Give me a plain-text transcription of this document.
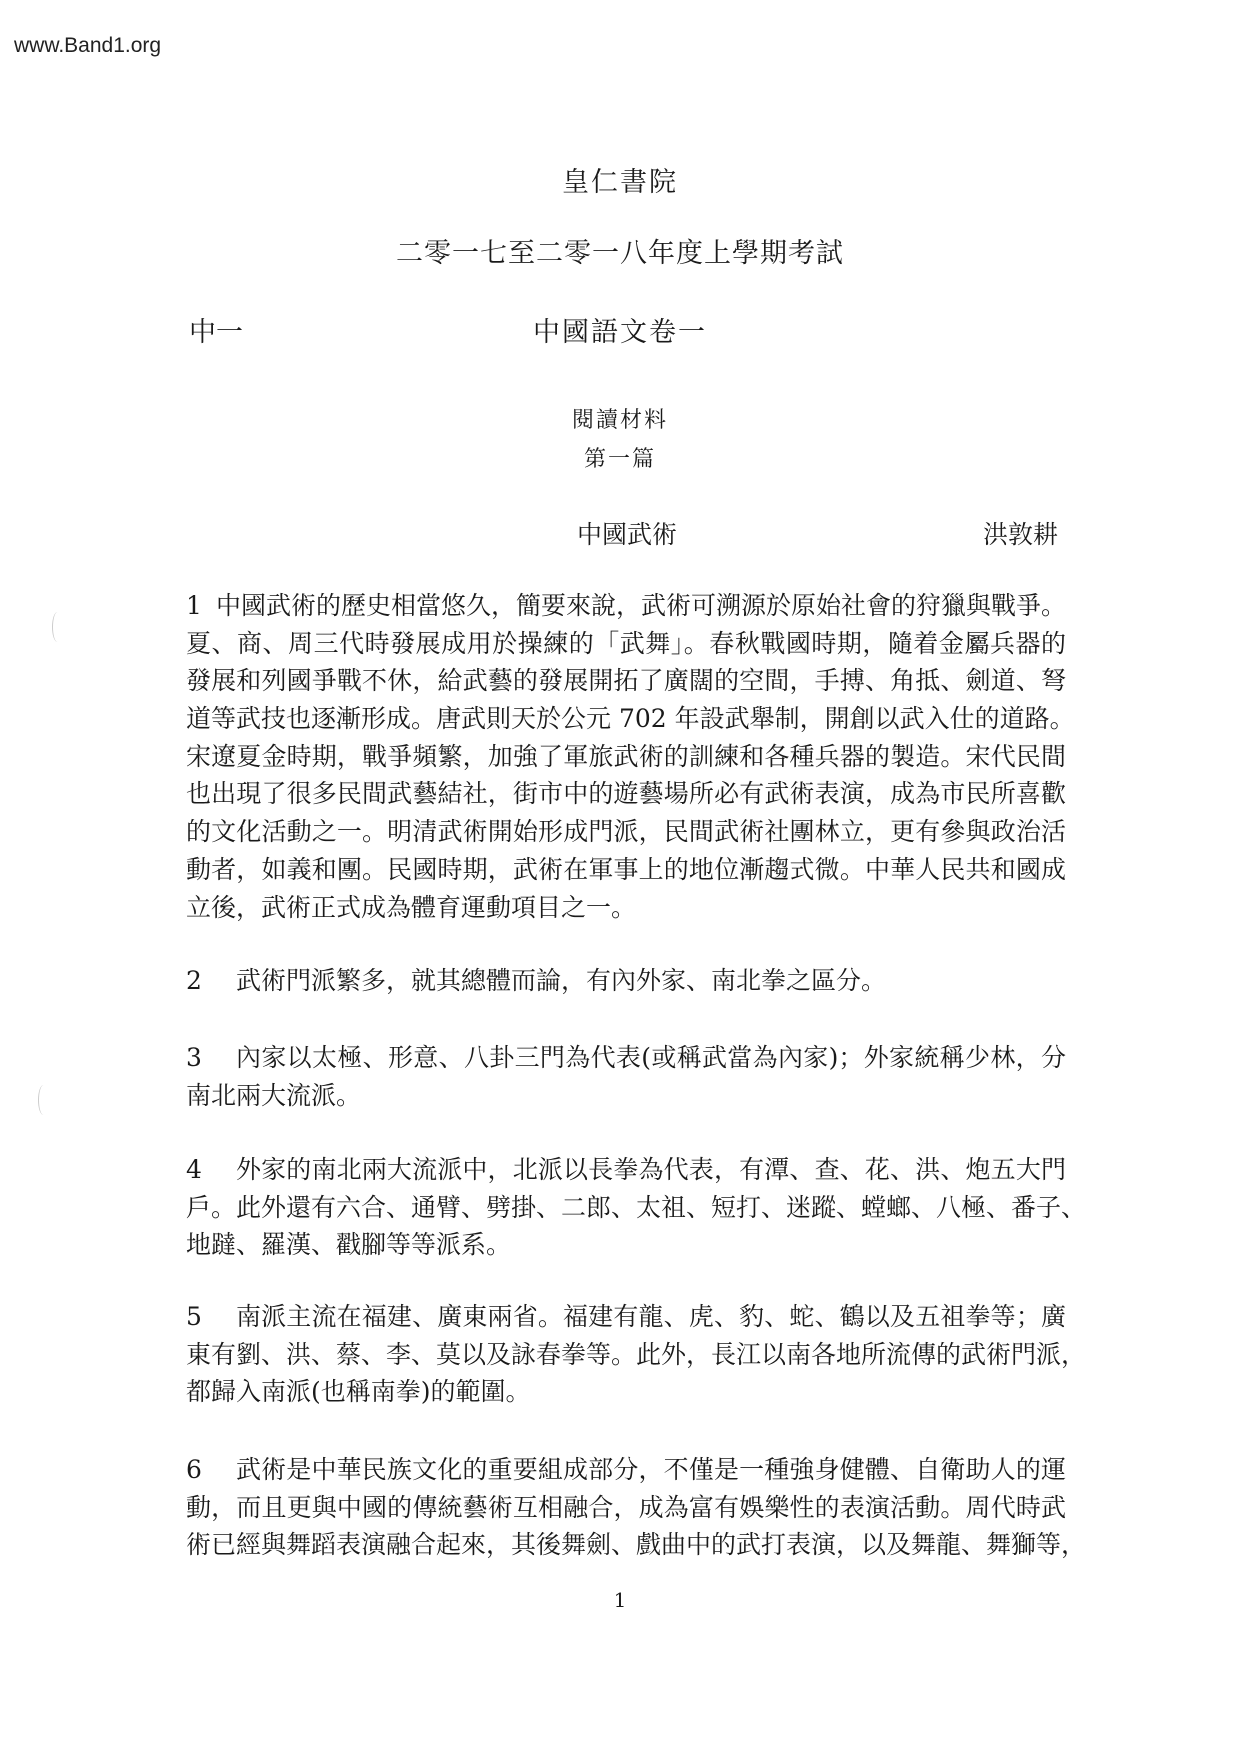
www.Band1.org
皇仁書院
二零一七至二零一八年度上學期考試
中一	中國語文卷一
閱讀材料
第一篇
中國武術	洪敦耕
1 中國武術的歷史相當悠久，簡要來說，武術可溯源於原始社會的狩獵與戰爭。
夏、商、周三代時發展成用於操練的「武舞」。春秋戰國時期，隨着金屬兵器的
發展和列國爭戰不休，給武藝的發展開拓了廣闊的空間，手搏、角抵、劍道、弩
道等武技也逐漸形成。唐武則天於公元 702 年設武舉制，開創以武入仕的道路。
宋遼夏金時期，戰爭頻繁，加強了軍旅武術的訓練和各種兵器的製造。宋代民間
也出現了很多民間武藝結社，街市中的遊藝場所必有武術表演，成為市民所喜歡
的文化活動之一。明清武術開始形成門派，民間武術社團林立，更有參與政治活
動者，如義和團。民國時期，武術在軍事上的地位漸趨式微。中華人民共和國成
立後，武術正式成為體育運動項目之一。
2	武術門派繁多，就其總體而論，有內外家、南北拳之區分。
3	內家以太極、形意、八卦三門為代表(或稱武當為內家)；外家統稱少林，分
南北兩大流派。
4	外家的南北兩大流派中，北派以長拳為代表，有潭、查、花、洪、炮五大門
戶。此外還有六合、通臂、劈掛、二郎、太祖、短打、迷蹤、螳螂、八極、番子、
地躂、羅漢、戳腳等等派系。
5	南派主流在福建、廣東兩省。福建有龍、虎、豹、蛇、鶴以及五祖拳等；廣
東有劉、洪、蔡、李、莫以及詠春拳等。此外，長江以南各地所流傳的武術門派，
都歸入南派(也稱南拳)的範圍。
6	武術是中華民族文化的重要組成部分，不僅是一種強身健體、自衛助人的運
動，而且更與中國的傳統藝術互相融合，成為富有娛樂性的表演活動。周代時武
術已經與舞蹈表演融合起來，其後舞劍、戲曲中的武打表演，以及舞龍、舞獅等，
1
